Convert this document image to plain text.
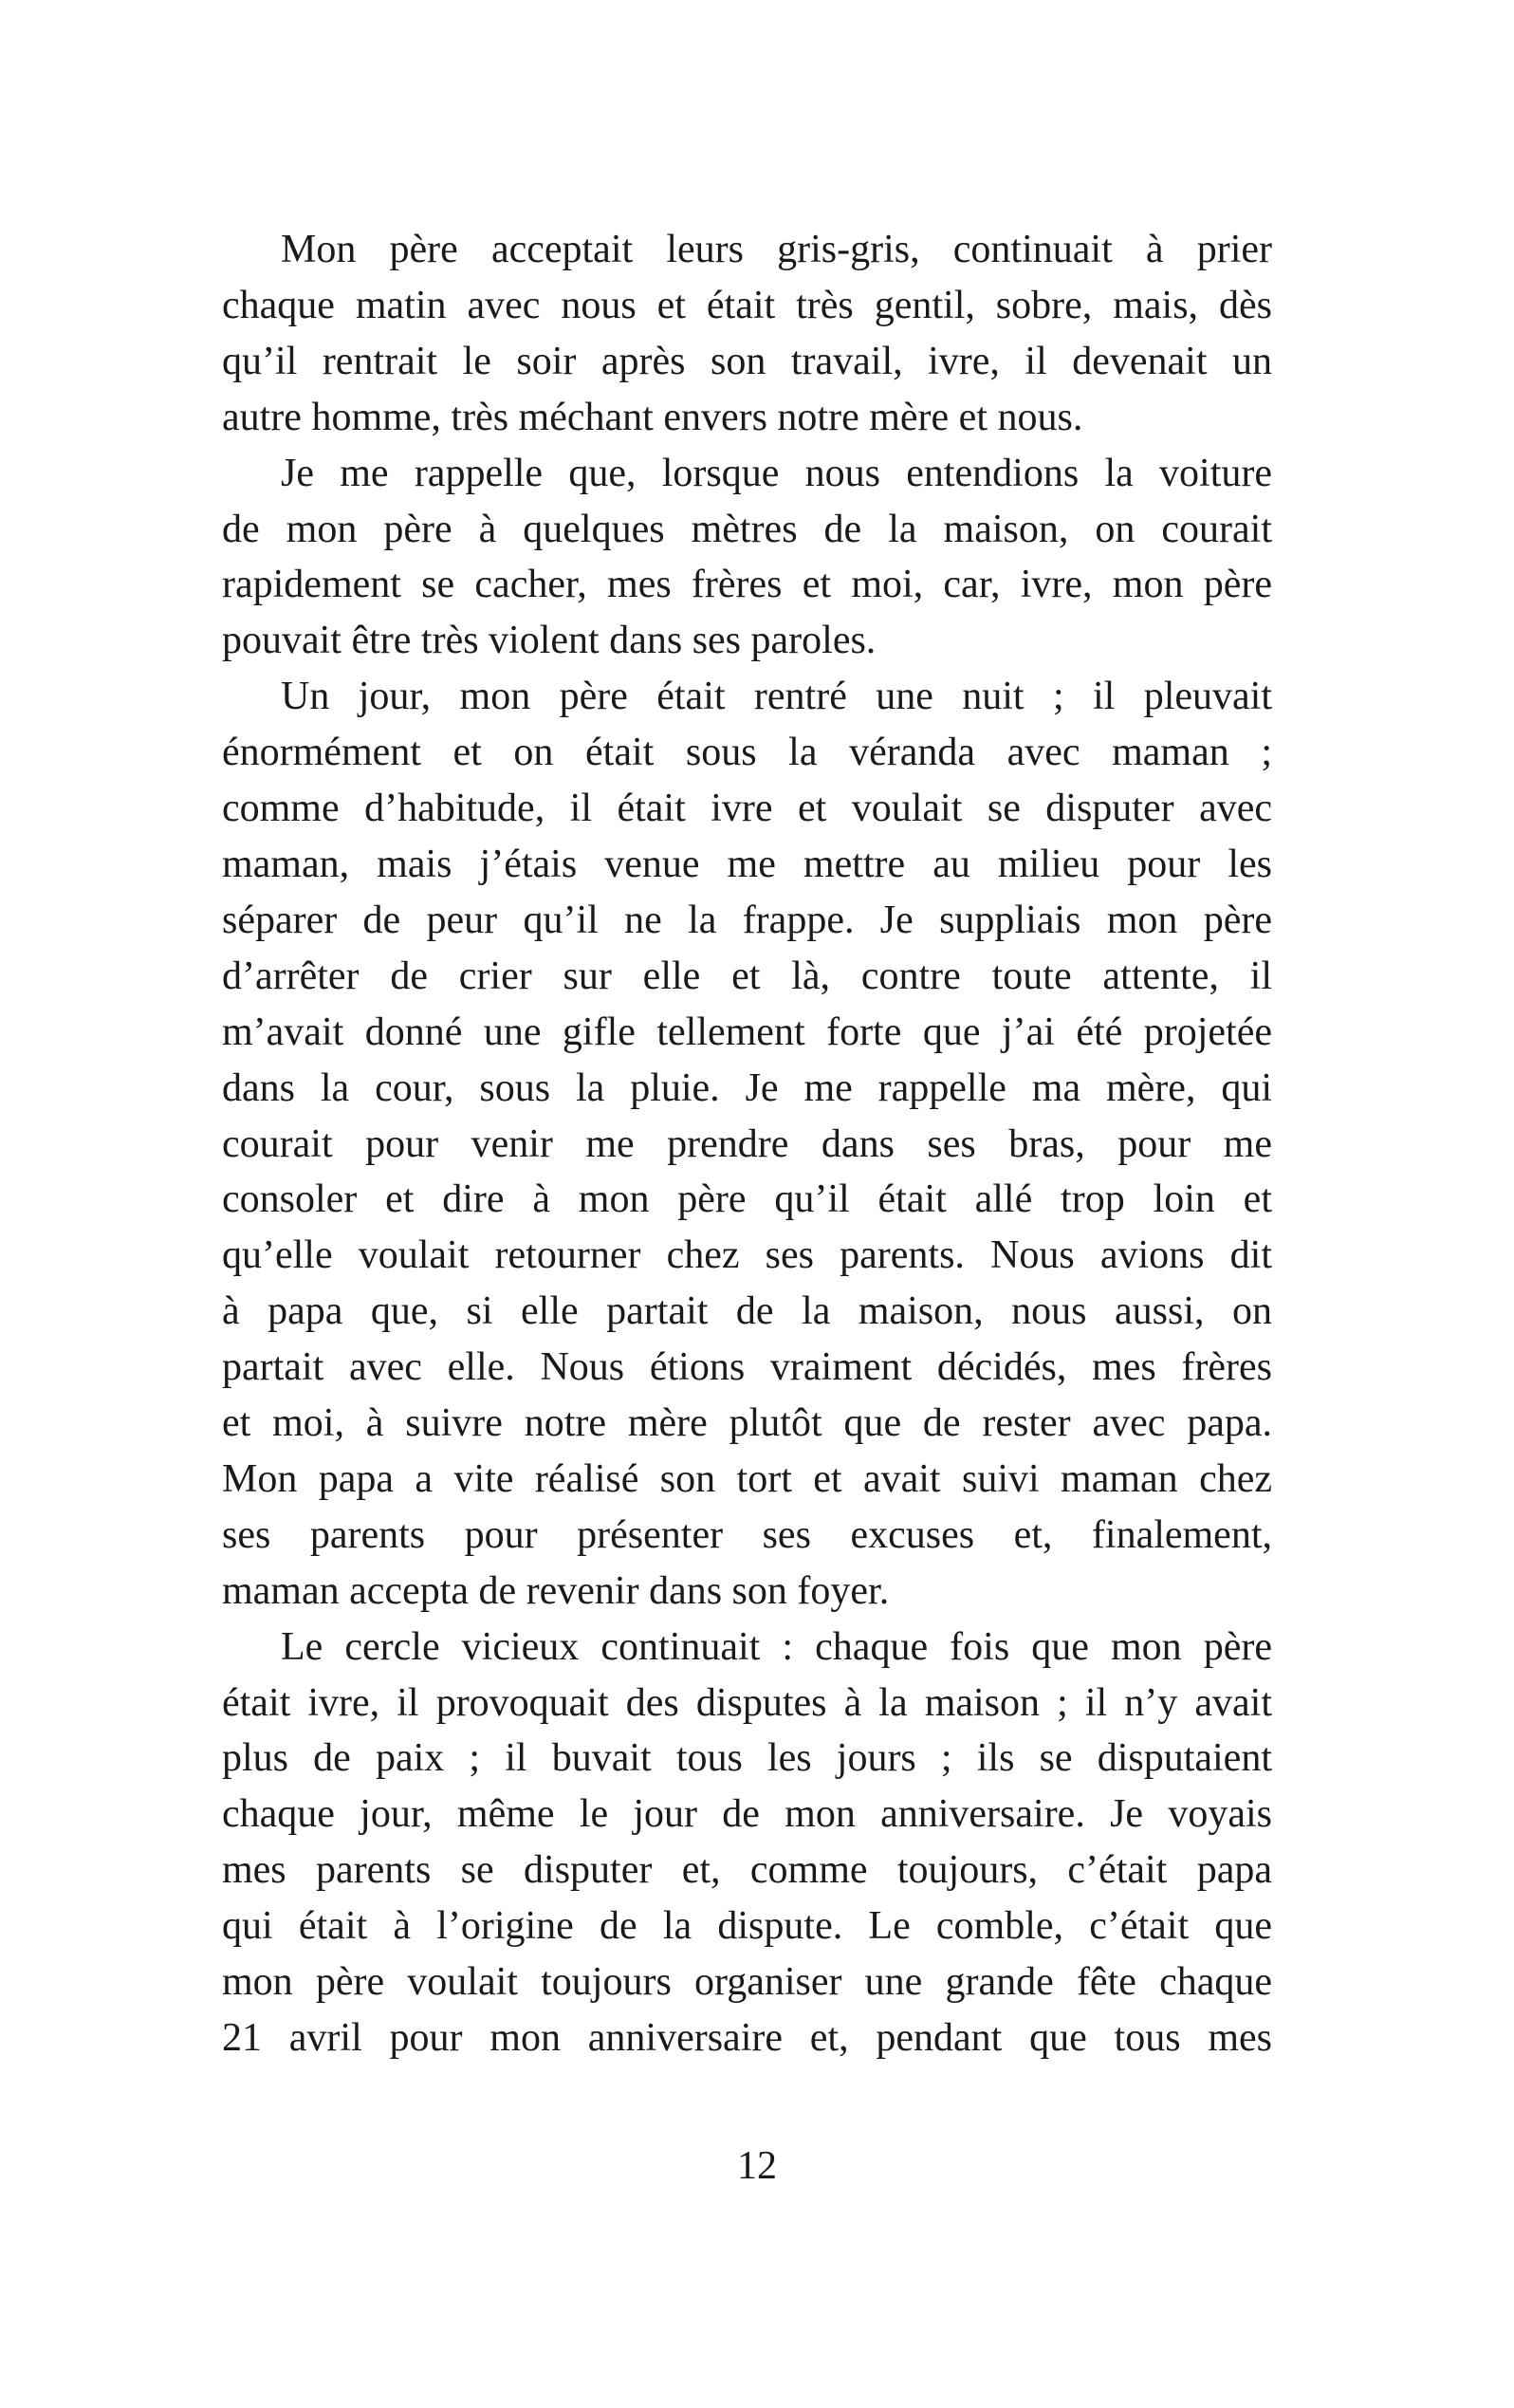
Mon père acceptait leurs gris-gris, continuait à prier
chaque matin avec nous et était très gentil, sobre, mais, dès
qu’il rentrait le soir après son travail, ivre, il devenait un
autre homme, très méchant envers notre mère et nous.
Je me rappelle que, lorsque nous entendions la voiture
de mon père à quelques mètres de la maison, on courait
rapidement se cacher, mes frères et moi, car, ivre, mon père
pouvait être très violent dans ses paroles.
Un jour, mon père était rentré une nuit ; il pleuvait
énormément et on était sous la véranda avec maman ;
comme d’habitude, il était ivre et voulait se disputer avec
maman, mais j’étais venue me mettre au milieu pour les
séparer de peur qu’il ne la frappe. Je suppliais mon père
d’arrêter de crier sur elle et là, contre toute attente, il
m’avait donné une gifle tellement forte que j’ai été projetée
dans la cour, sous la pluie. Je me rappelle ma mère, qui
courait pour venir me prendre dans ses bras, pour me
consoler et dire à mon père qu’il était allé trop loin et
qu’elle voulait retourner chez ses parents. Nous avions dit
à papa que, si elle partait de la maison, nous aussi, on
partait avec elle. Nous étions vraiment décidés, mes frères
et moi, à suivre notre mère plutôt que de rester avec papa.
Mon papa a vite réalisé son tort et avait suivi maman chez
ses parents pour présenter ses excuses et, finalement,
maman accepta de revenir dans son foyer.
Le cercle vicieux continuait : chaque fois que mon père
était ivre, il provoquait des disputes à la maison ; il n’y avait
plus de paix ; il buvait tous les jours ; ils se disputaient
chaque jour, même le jour de mon anniversaire. Je voyais
mes parents se disputer et, comme toujours, c’était papa
qui était à l’origine de la dispute. Le comble, c’était que
mon père voulait toujours organiser une grande fête chaque
21 avril pour mon anniversaire et, pendant que tous mes
12
